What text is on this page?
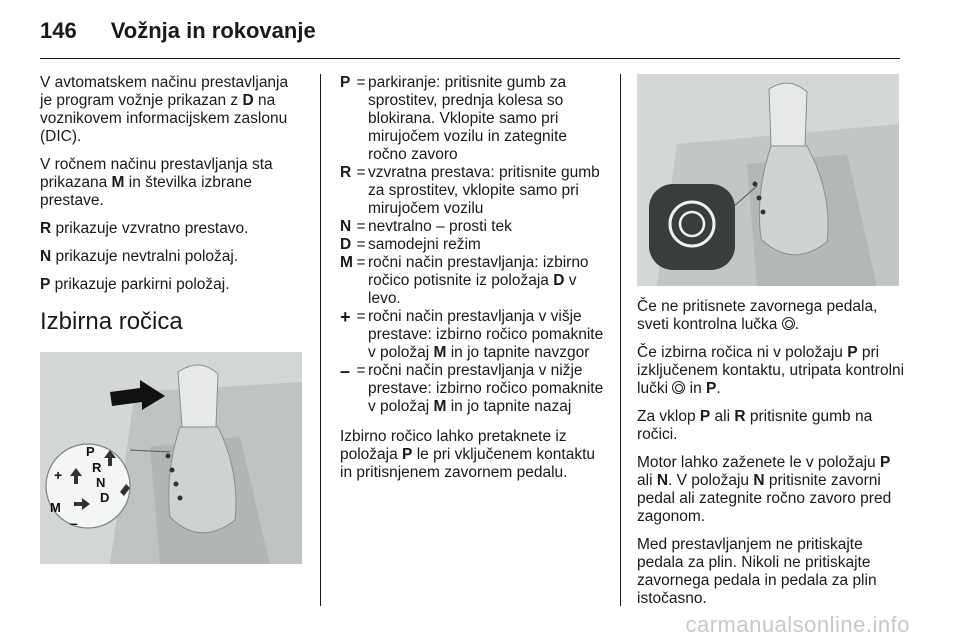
146 Vožnja in rokovanje

V avtomatskem načinu prestavljanja je program vožnje prikazan z D na voznikovem informacijskem zaslonu (DIC).

V ročnem načinu prestavljanja sta prikazana M in številka izbrane prestave.

R prikazuje vzvratno prestavo.

N prikazuje nevtralni položaj.

P prikazuje parkirni položaj.

Izbirna ročica
P
R
N
D
M
+
–
P = parkiranje: pritisnite gumb za sprostitev, prednja kolesa so blokirana. Vklopite samo pri mirujočem vozilu in zategnite ročno zavoro
R = vzvratna prestava: pritisnite gumb za sprostitev, vklopite samo pri mirujočem vozilu
N = nevtralno – prosti tek
D = samodejni režim
M = ročni način prestavljanja: izbirno ročico potisnite iz položaja D v levo.
+ = ročni način prestavljanja v višje prestave: izbirno ročico pomaknite v položaj M in jo tapnite navzgor
– = ročni način prestavljanja v nižje prestave: izbirno ročico pomaknite v položaj M in jo tapnite nazaj

Izbirno ročico lahko pretaknete iz položaja P le pri vključenem kontaktu in pritisnjenem zavornem pedalu.

Če ne pritisnete zavornega pedala, sveti kontrolna lučka .

Če izbirna ročica ni v položaju P pri izključenem kontaktu, utripata kontrolni lučki  in P.

Za vklop P ali R pritisnite gumb na ročici.

Motor lahko zaženete le v položaju P ali N. V položaju N pritisnite zavorni pedal ali zategnite ročno zavoro pred zagonom.

Med prestavljanjem ne pritiskajte pedala za plin. Nikoli ne pritiskajte zavornega pedala in pedala za plin istočasno.

carmanualsonline.info
